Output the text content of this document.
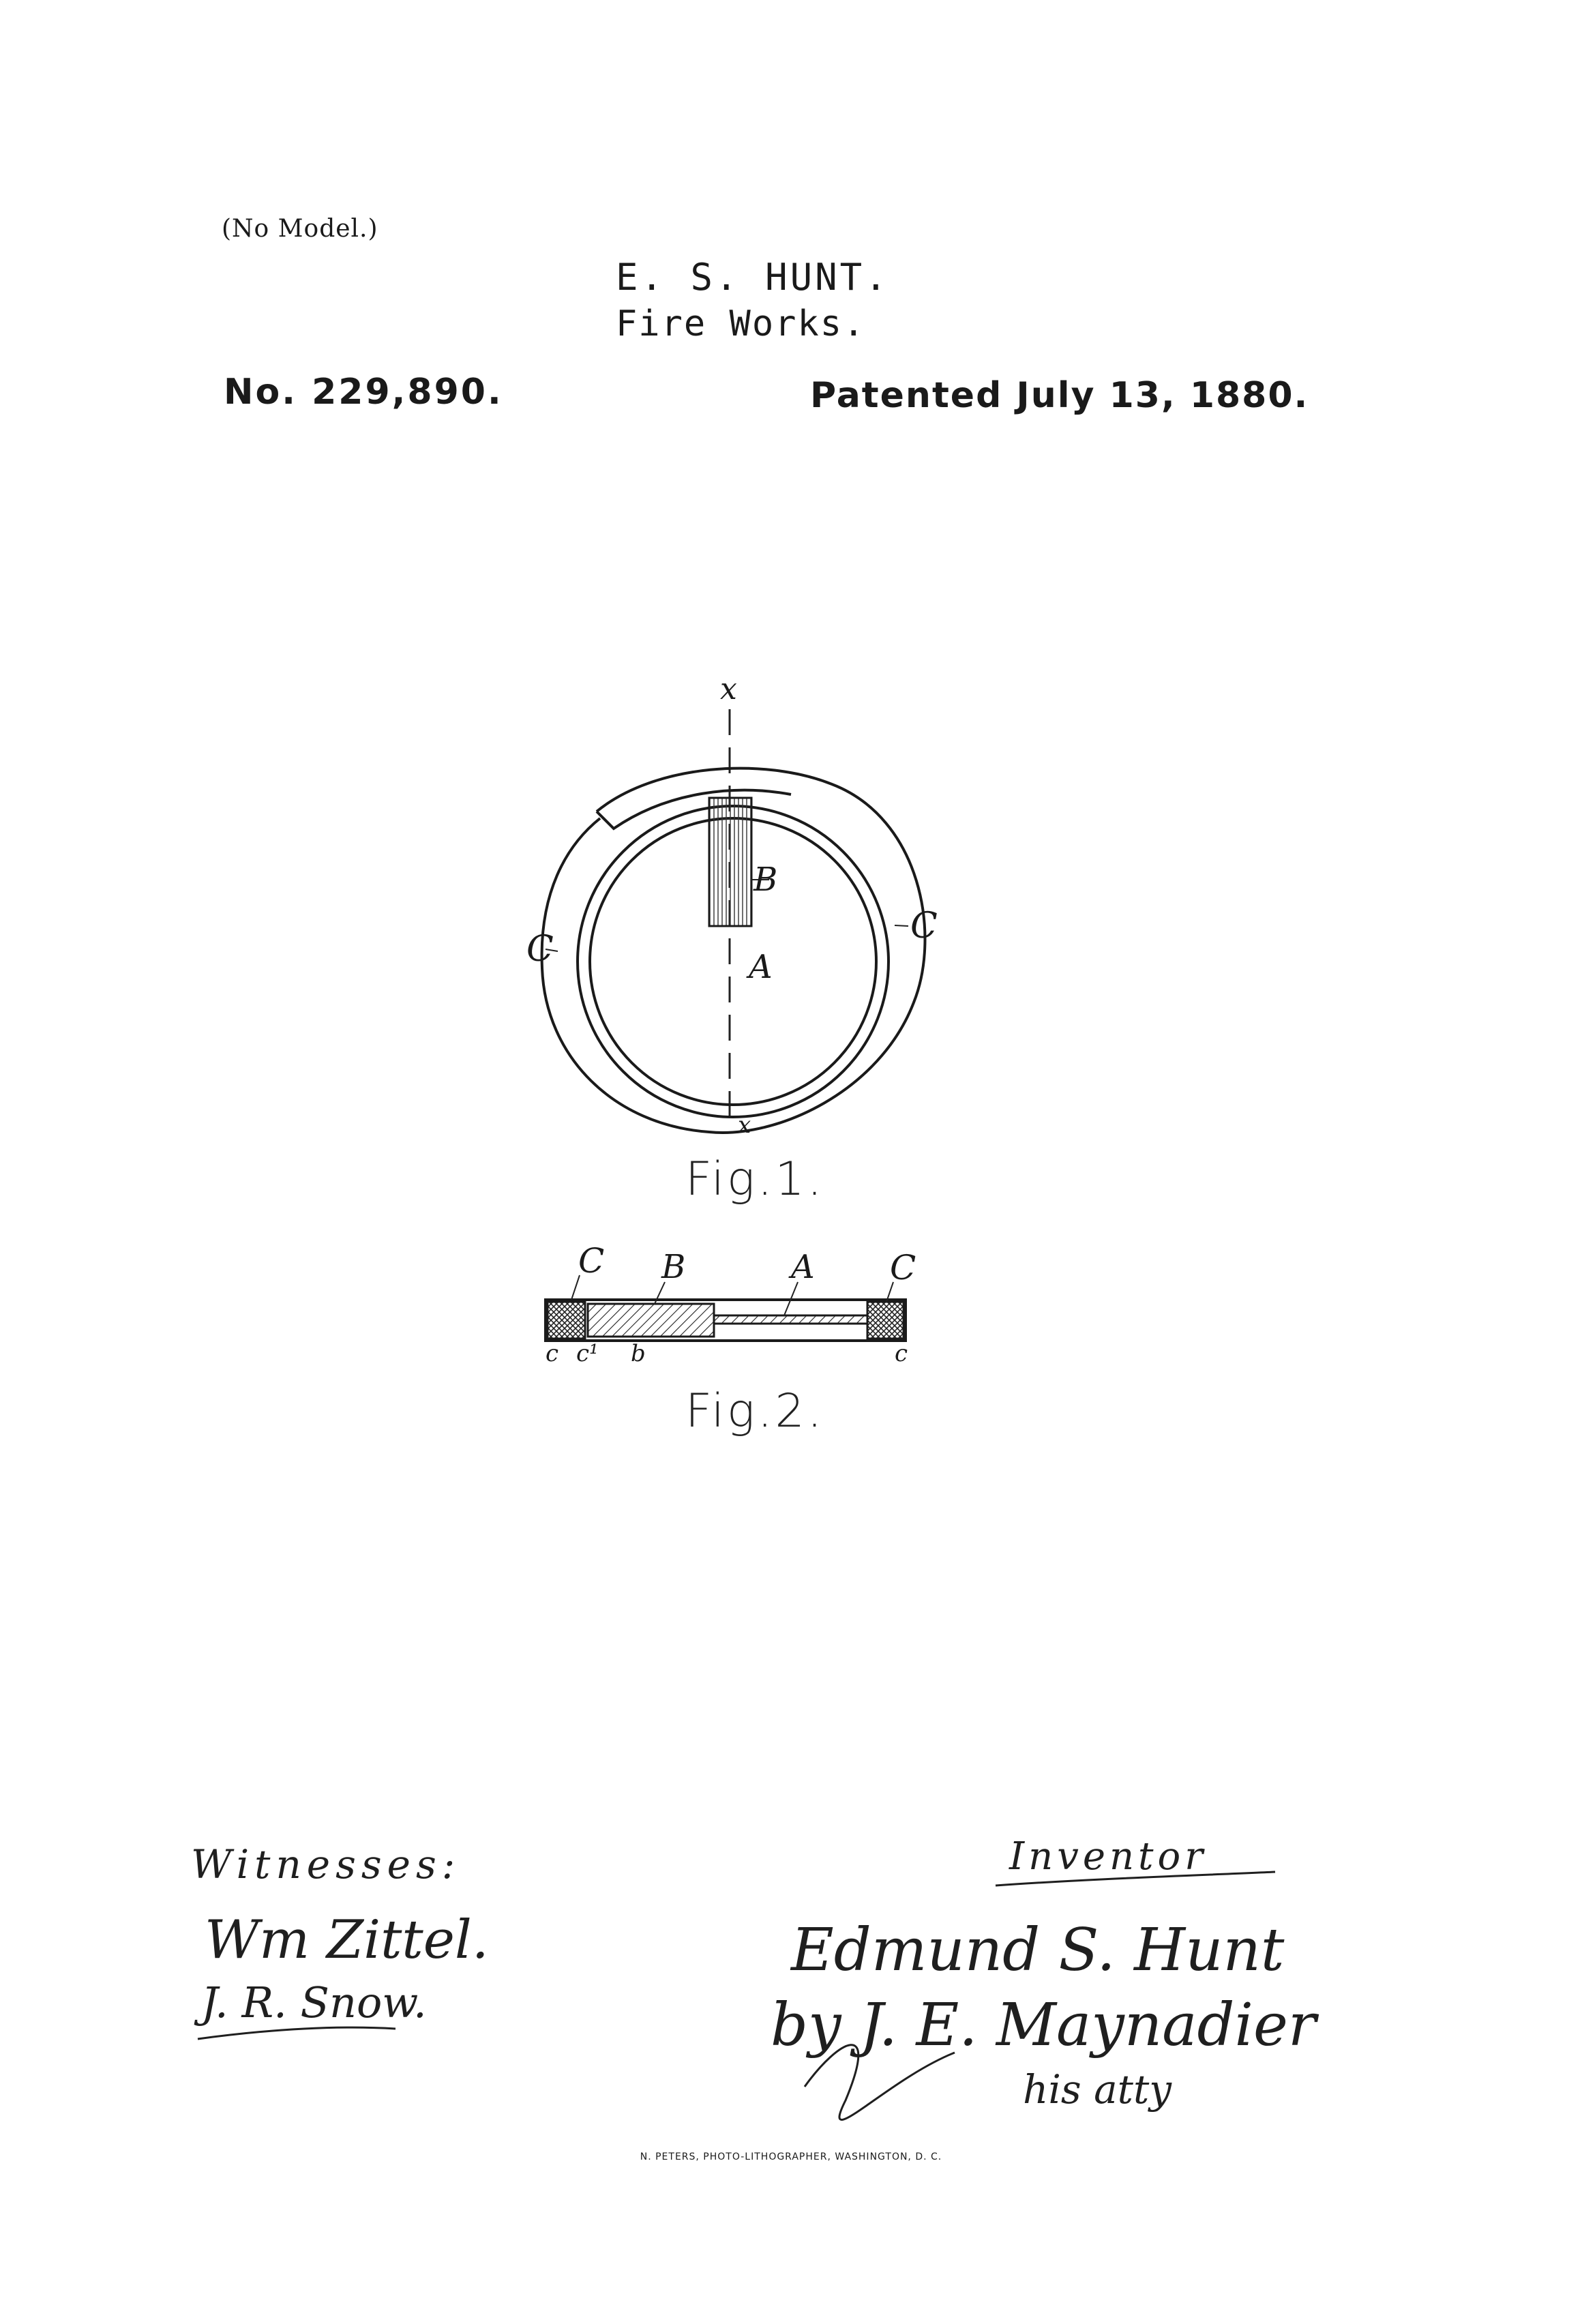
(No Model.)
E. S. HUNT.
Fire Works.
No. 229,890.	Patented July 13, 1880.
x
x
B
A
C
C
Fig.1.
C B	A C
c c¹ b	c
Fig.2.
Witnesses:	Inventor
Wm Zittel.
J. R. Snow.
Edmund S. Hunt
by J. E. Maynadier
his atty
N. PETERS, PHOTO-LITHOGRAPHER, WASHINGTON, D. C.
